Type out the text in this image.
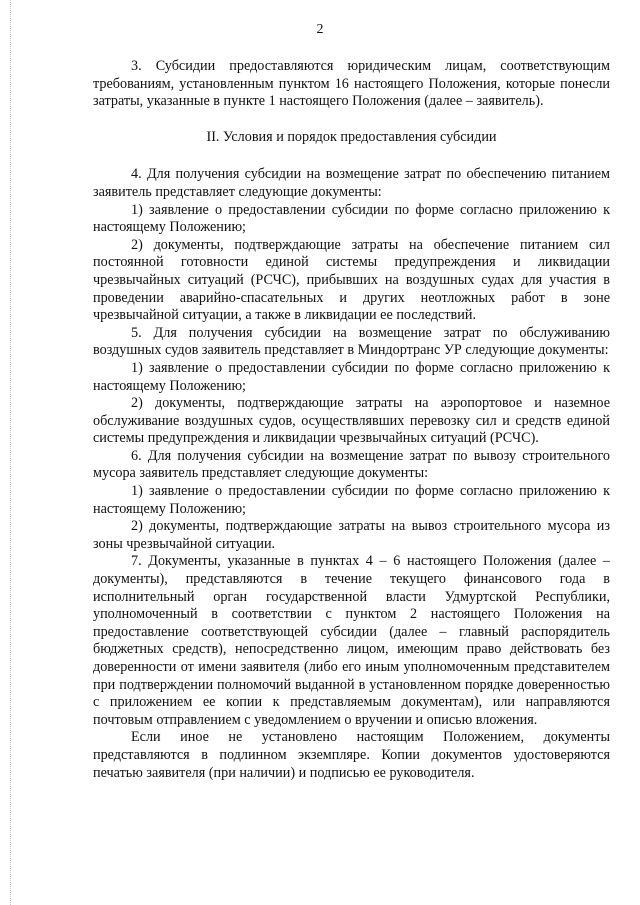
2

3. Субсидии предоставляются юридическим лицам, соответствующим требованиям, установленным пунктом 16 настоящего Положения, которые понесли затраты, указанные в пункте 1 настоящего Положения (далее – заявитель).

II. Условия и порядок предоставления субсидии

4. Для получения субсидии на возмещение затрат по обеспечению питанием заявитель представляет следующие документы:

1) заявление о предоставлении субсидии по форме согласно приложению к настоящему Положению;

2) документы, подтверждающие затраты на обеспечение питанием сил постоянной готовности единой системы предупреждения и ликвидации чрезвычайных ситуаций (РСЧС), прибывших на воздушных судах для участия в проведении аварийно-спасательных и других неотложных работ в зоне чрезвычайной ситуации, а также в ликвидации ее последствий.

5. Для получения субсидии на возмещение затрат по обслуживанию воздушных судов заявитель представляет в Миндортранс УР следующие документы:

1) заявление о предоставлении субсидии по форме согласно приложению к настоящему Положению;

2) документы, подтверждающие затраты на аэропортовое и наземное обслуживание воздушных судов, осуществлявших перевозку сил и средств единой системы предупреждения и ликвидации чрезвычайных ситуаций (РСЧС).

6. Для получения субсидии на возмещение затрат по вывозу строительного мусора заявитель представляет следующие документы:

1) заявление о предоставлении субсидии по форме согласно приложению к настоящему Положению;

2) документы, подтверждающие затраты на вывоз строительного мусора из зоны чрезвычайной ситуации.

7. Документы, указанные в пунктах 4 – 6 настоящего Положения (далее – документы), представляются в течение текущего финансового года в исполнительный орган государственной власти Удмуртской Республики, уполномоченный в соответствии с пунктом 2 настоящего Положения на предоставление соответствующей субсидии (далее – главный распорядитель бюджетных средств), непосредственно лицом, имеющим право действовать без доверенности от имени заявителя (либо его иным уполномоченным представителем при подтверждении полномочий выданной в установленном порядке доверенностью с приложением ее копии к представляемым документам), или направляются почтовым отправлением с уведомлением о вручении и описью вложения.

Если иное не установлено настоящим Положением, документы представляются в подлинном экземпляре. Копии документов удостоверяются печатью заявителя (при наличии) и подписью ее руководителя.
